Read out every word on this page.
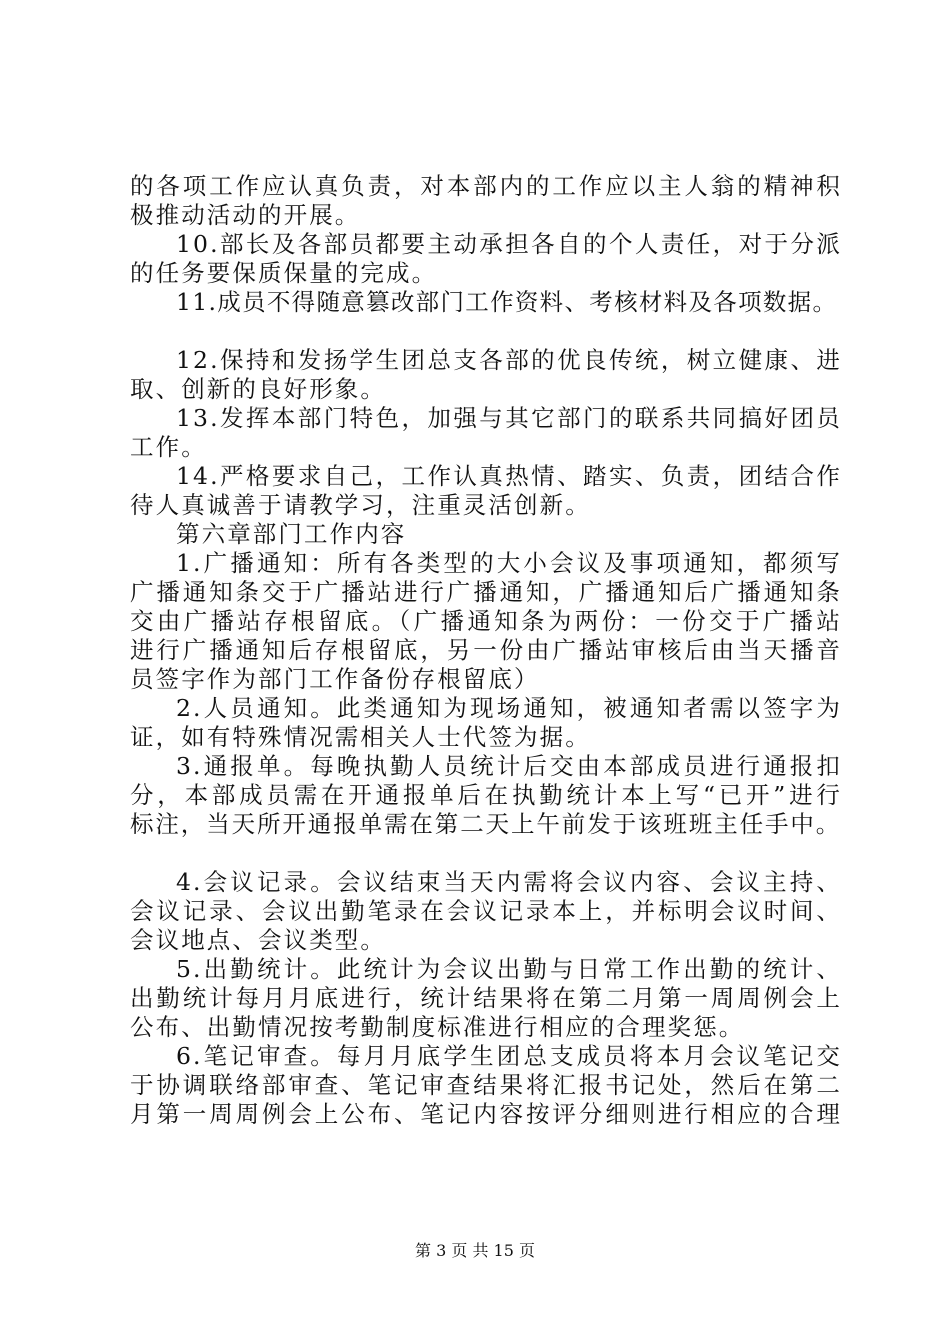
的各项工作应认真负责，对本部内的工作应以主人翁的精神积
极推动活动的开展。
10.部长及各部员都要主动承担各自的个人责任，对于分派
的任务要保质保量的完成。
11.成员不得随意篡改部门工作资料、考核材料及各项数据。
12.保持和发扬学生团总支各部的优良传统，树立健康、进
取、创新的良好形象。
13.发挥本部门特色，加强与其它部门的联系共同搞好团员
工作。
14.严格要求自己，工作认真热情、踏实、负责，团结合作
待人真诚善于请教学习，注重灵活创新。
第六章部门工作内容
1.广播通知：所有各类型的大小会议及事项通知，都须写
广播通知条交于广播站进行广播通知，广播通知后广播通知条
交由广播站存根留底。（广播通知条为两份：一份交于广播站
进行广播通知后存根留底，另一份由广播站审核后由当天播音
员签字作为部门工作备份存根留底）
2.人员通知。此类通知为现场通知，被通知者需以签字为
证，如有特殊情况需相关人士代签为据。
3.通报单。每晚执勤人员统计后交由本部成员进行通报扣
分，本部成员需在开通报单后在执勤统计本上写“已开”进行
标注，当天所开通报单需在第二天上午前发于该班班主任手中。
4.会议记录。会议结束当天内需将会议内容、会议主持、
会议记录、会议出勤笔录在会议记录本上，并标明会议时间、
会议地点、会议类型。
5.出勤统计。此统计为会议出勤与日常工作出勤的统计、
出勤统计每月月底进行，统计结果将在第二月第一周周例会上
公布、出勤情况按考勤制度标准进行相应的合理奖惩。
6.笔记审查。每月月底学生团总支成员将本月会议笔记交
于协调联络部审查、笔记审查结果将汇报书记处，然后在第二
月第一周周例会上公布、笔记内容按评分细则进行相应的合理
第 3 页 共 15 页
